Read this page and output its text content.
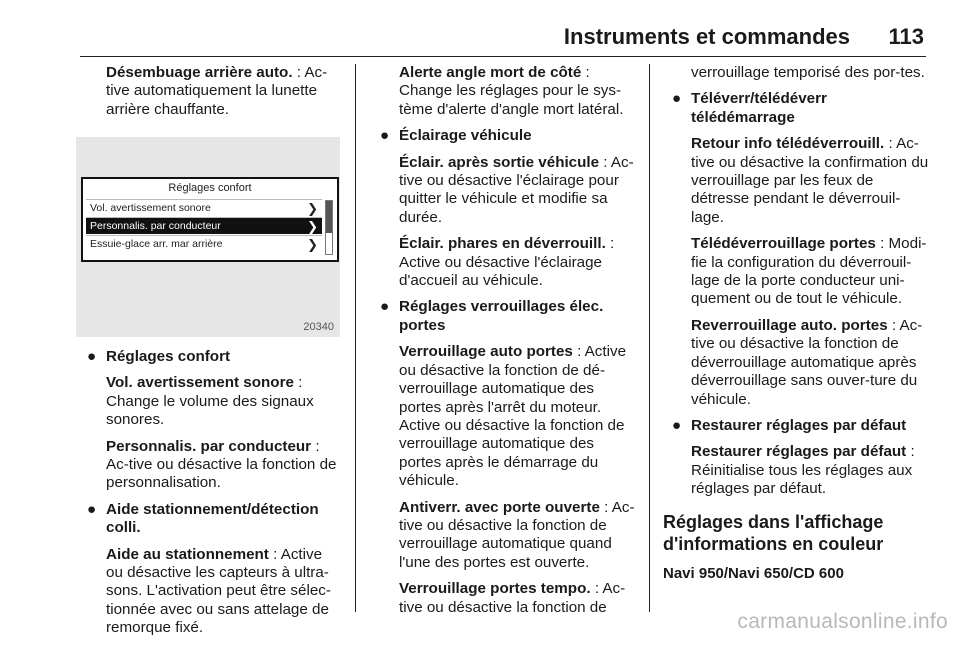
Instruments et commandes 113

Désembuage arrière auto. : Ac-tive automatiquement la lunette arrière chauffante.

Réglages confort
Vol. avertissement sonore	❯
Personnalis. par conducteur	❯
Essuie-glace arr. mar arrière	❯
20340
● Réglages confort

Vol. avertissement sonore : Change le volume des signaux sonores.

Personnalis. par conducteur : Ac-tive ou désactive la fonction de personnalisation.

● Aide stationnement/détection colli.

Aide au stationnement : Active ou désactive les capteurs à ultra-sons. L'activation peut être sélec-tionnée avec ou sans attelage de remorque fixé.

Alerte angle mort de côté : Change les réglages pour le sys-tème d'alerte d'angle mort latéral.

● Éclairage véhicule

Éclair. après sortie véhicule : Ac-tive ou désactive l'éclairage pour quitter le véhicule et modifie sa durée.

Éclair. phares en déverrouill. : Active ou désactive l'éclairage d'accueil au véhicule.

● Réglages verrouillages élec. portes

Verrouillage auto portes : Active ou désactive la fonction de dé-verrouillage automatique des portes après l'arrêt du moteur. Active ou désactive la fonction de verrouillage automatique des portes après le démarrage du véhicule.

Antiverr. avec porte ouverte : Ac-tive ou désactive la fonction de verrouillage automatique quand l'une des portes est ouverte.

Verrouillage portes tempo. : Ac-tive ou désactive la fonction de

verrouillage temporisé des por-tes.

● Téléverr/télédéverr télédémarrage

Retour info télédéverrouill. : Ac-tive ou désactive la confirmation du verrouillage par les feux de détresse pendant le déverrouil-lage.

Télédéverrouillage portes : Modi-fie la configuration du déverrouil-lage de la porte conducteur uni-quement ou de tout le véhicule.

Reverrouillage auto. portes : Ac-tive ou désactive la fonction de déverrouillage automatique après déverrouillage sans ouver-ture du véhicule.

● Restaurer réglages par défaut

Restaurer réglages par défaut : Réinitialise tous les réglages aux réglages par défaut.

Réglages dans l'affichage d'informations en couleur
Navi 950/Navi 650/CD 600
carmanualsonline.info
